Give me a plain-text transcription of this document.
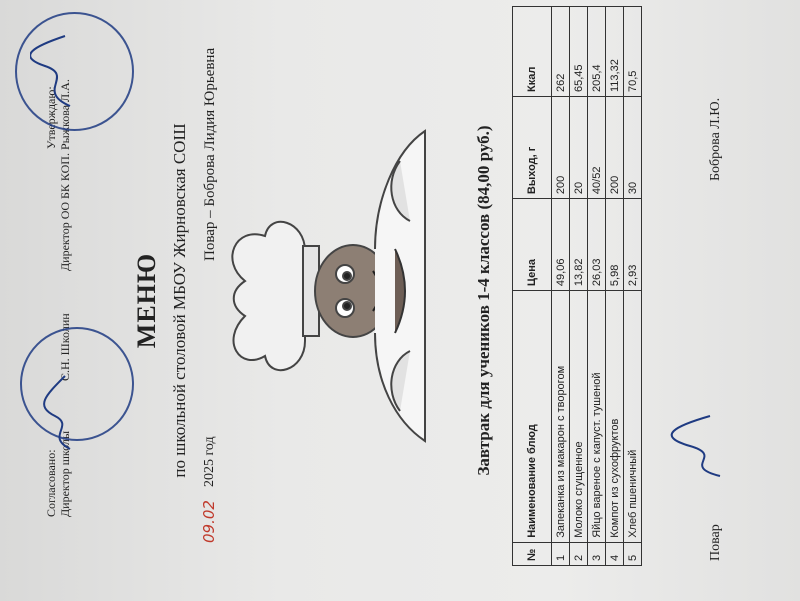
Согласовано: Директор школы
С.Н. Школин
Утверждаю: Директор ОО БК КОП. Рыжкова Л.А.
МЕНЮ по школьной столовой МБОУ Жирновская СОШ
09.02
2025 год
Повар – Боброва Лидия Юрьевна	Завтрак для учеников 1-4 классов (84,00 руб.)
№	Наименование блюд	Цена	Выход, г	Ккал
1	Запеканка из макарон с творогом	49,06	200	262
2	Молоко сгущенное	13,82	20	65,45
3	Яйцо вареное с капуст. тушеной	26,03	40/52	205,4
4	Компот из сухофруктов	5,98	200	113,32
5	Хлеб пшеничный	2,93	30	70,5
Повар
Боброва Л.Ю.
